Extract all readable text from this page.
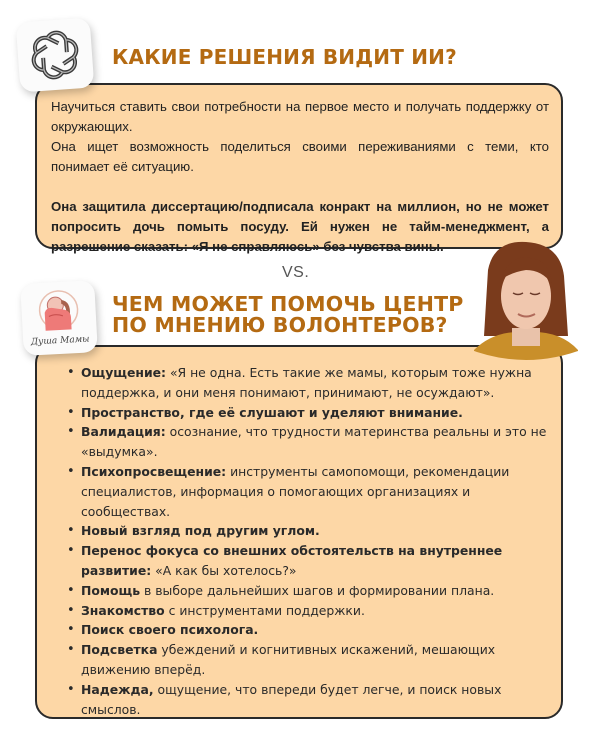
КАКИЕ РЕШЕНИЯ ВИДИТ ИИ?

Научиться ставить свои потребности на первое место и получать поддержку от окружающих.

Она ищет возможность поделиться своими переживаниями с теми, кто понимает её ситуацию.

Она защитила диссертацию/подписала конракт на миллион, но не может попросить дочь помыть посуду. Ей нужен не тайм-менеджмент, а разрешение сказать: «Я не справляюсь» без чувства вины.

VS.
Душа Мамы
ЧЕМ МОЖЕТ ПОМОЧЬ ЦЕНТР ПО МНЕНИЮ ВОЛОНТЕРОВ?
• Ощущение: «Я не одна. Есть такие же мамы, которым тоже нужна поддержка, и они меня понимают, принимают, не осуждают».
• Пространство, где её слушают и уделяют внимание.
• Валидация: осознание, что трудности материнства реальны и это не «выдумка».
• Психопросвещение: инструменты самопомощи, рекомендации специалистов, информация о помогающих организациях и сообществах.
• Новый взгляд под другим углом.
• Перенос фокуса со внешних обстоятельств на внутреннее развитие: «А как бы хотелось?»
• Помощь в выборе дальнейших шагов и формировании плана.
• Знакомство с инструментами поддержки.
• Поиск своего психолога.
• Подсветка убеждений и когнитивных искажений, мешающих движению вперёд.
• Надежда, ощущение, что впереди будет легче, и поиск новых смыслов.
